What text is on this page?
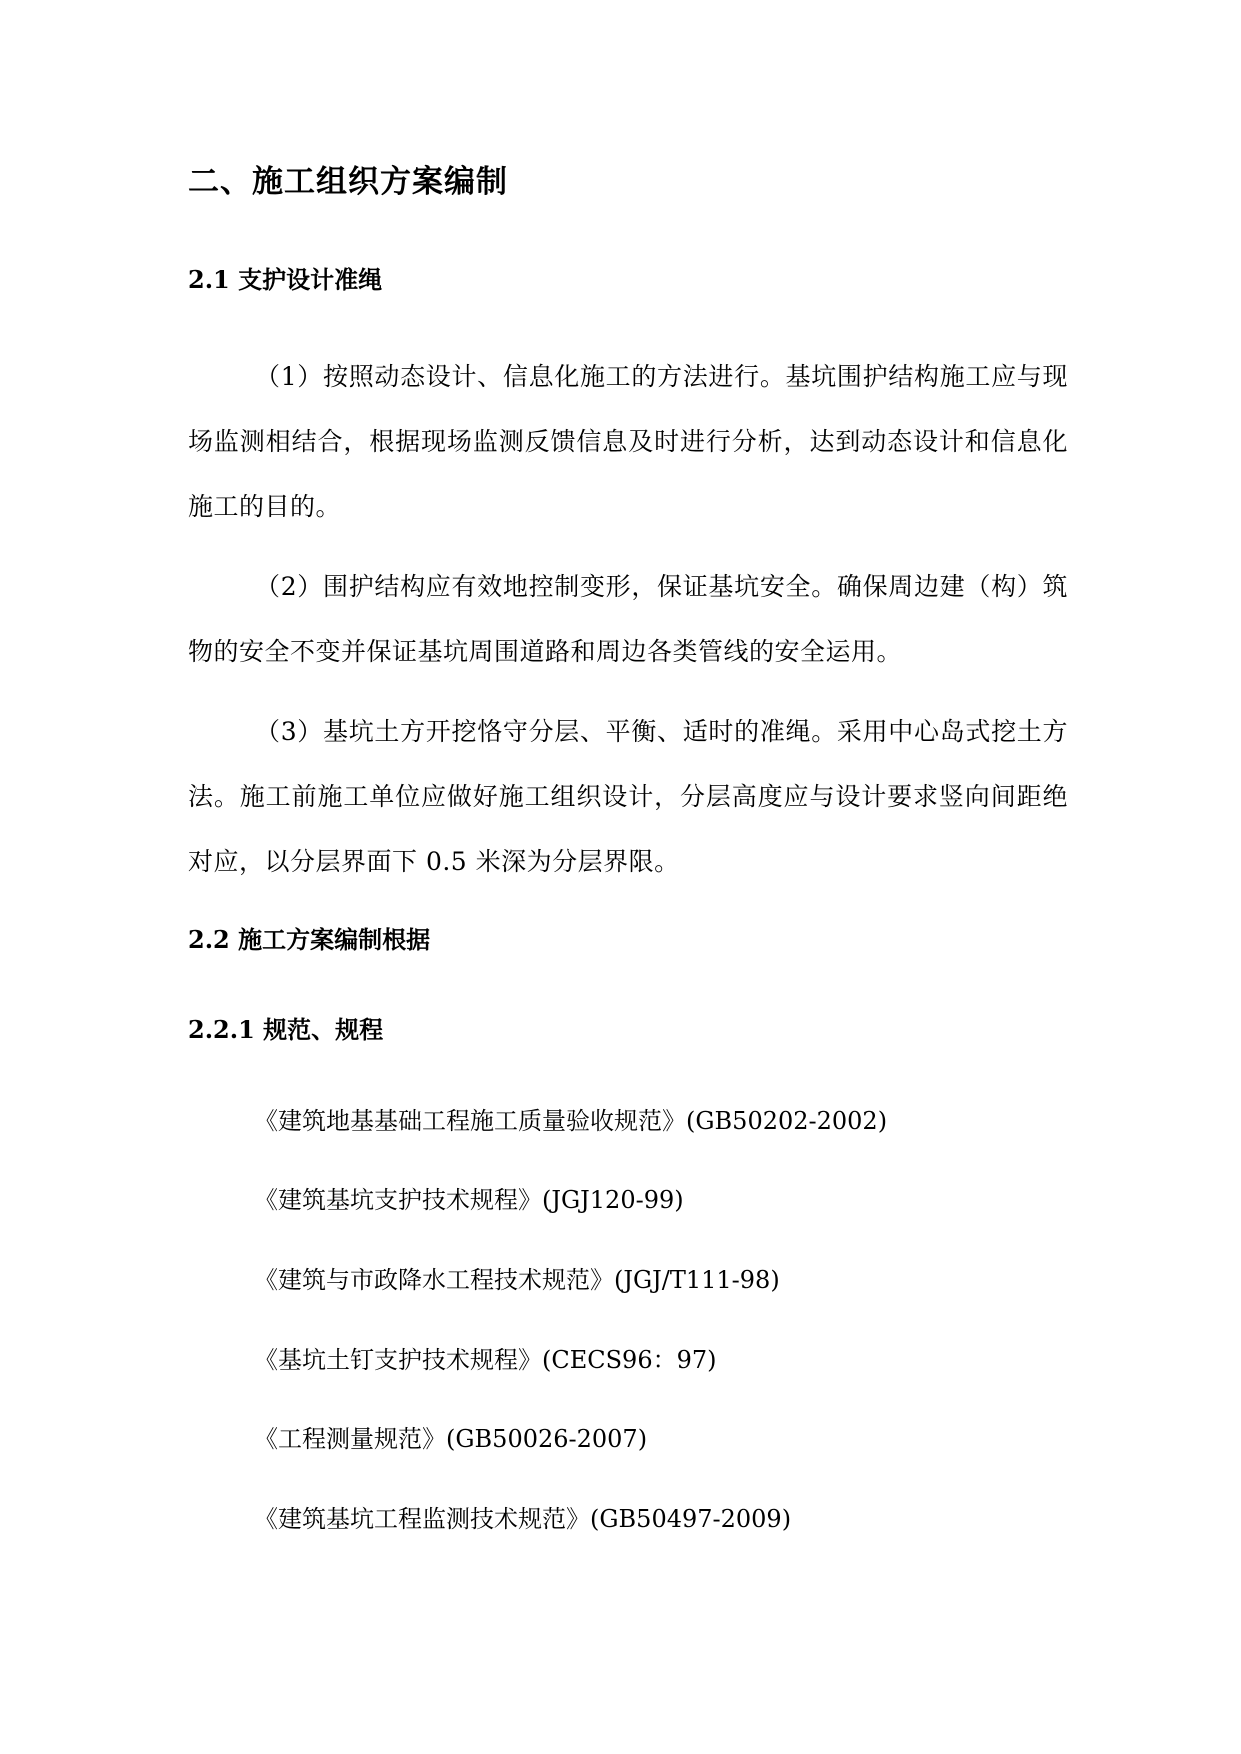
二、施工组织方案编制
2.1 支护设计准绳
（1）按照动态设计、信息化施工的方法进行。基坑围护结构施工应与现场监测相结合，根据现场监测反馈信息及时进行分析，达到动态设计和信息化施工的目的。
（2）围护结构应有效地控制变形，保证基坑安全。确保周边建（构）筑物的安全不变并保证基坑周围道路和周边各类管线的安全运用。
（3）基坑土方开挖恪守分层、平衡、适时的准绳。采用中心岛式挖土方法。施工前施工单位应做好施工组织设计，分层高度应与设计要求竖向间距绝对应，以分层界面下 0.5 米深为分层界限。
2.2 施工方案编制根据
2.2.1 规范、规程
《建筑地基基础工程施工质量验收规范》(GB50202-2002)
《建筑基坑支护技术规程》(JGJ120-99)
《建筑与市政降水工程技术规范》(JGJ/T111-98)
《基坑土钉支护技术规程》(CECS96：97)
《工程测量规范》(GB50026-2007)
《建筑基坑工程监测技术规范》(GB50497-2009)
